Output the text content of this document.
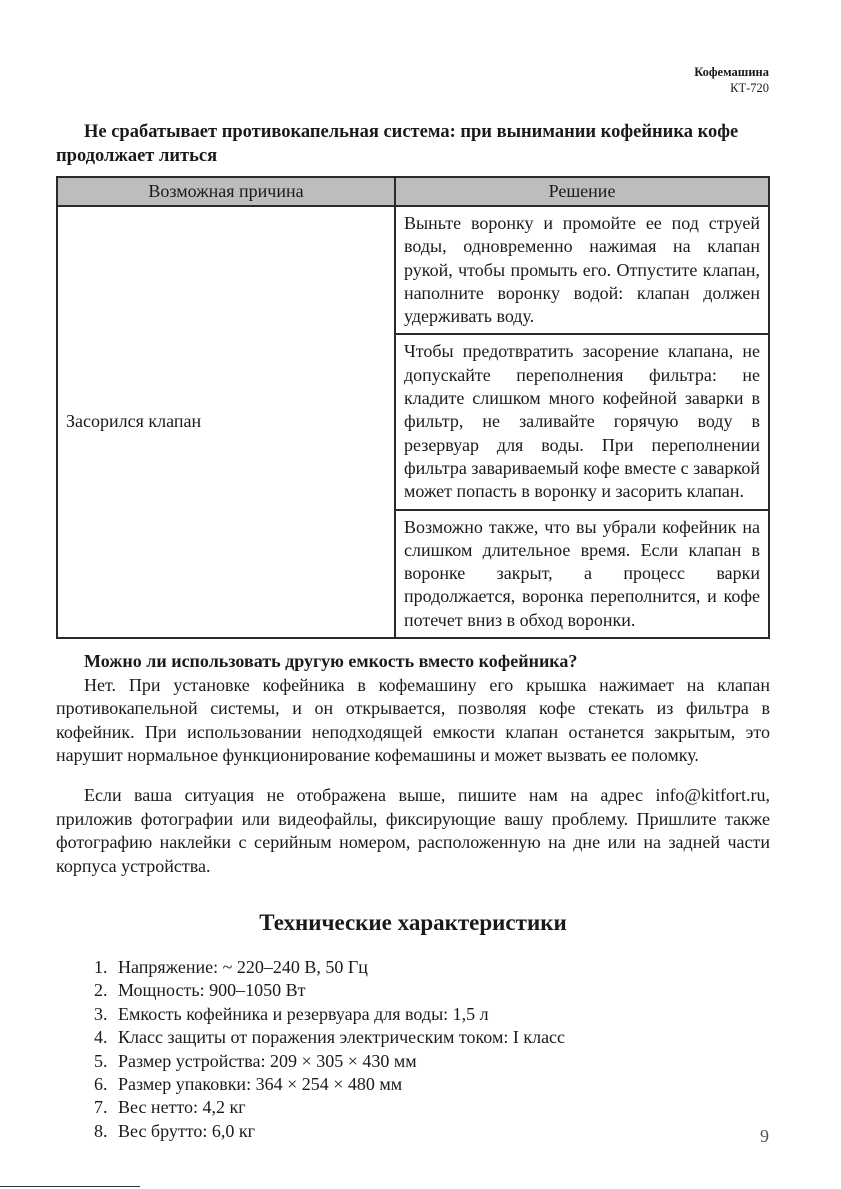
Кофемашина
КТ-720
Не срабатывает противокапельная система: при вынимании кофейника кофе продолжает литься
Возможная причина	Решение
Засорился клапан	Выньте воронку и промойте ее под струей воды, одновременно нажимая на клапан рукой, чтобы промыть его. Отпустите клапан, наполните воронку водой: клапан должен удерживать воду.
	Чтобы предотвратить засорение клапана, не допускайте переполнения фильтра: не кладите слишком много кофейной заварки в фильтр, не заливайте горячую воду в резервуар для воды. При переполнении фильтра завариваемый кофе вместе с заваркой может попасть в воронку и засорить клапан.
	Возможно также, что вы убрали кофейник на слишком длительное время. Если клапан в воронке закрыт, а процесс варки продолжается, воронка переполнится, и кофе потечет вниз в обход воронки.
Можно ли использовать другую емкость вместо кофейника?
Нет. При установке кофейника в кофемашину его крышка нажимает на клапан противокапельной системы, и он открывается, позволяя кофе стекать из фильтра в кофейник. При использовании неподходящей емкости клапан останется закрытым, это нарушит нормальное функционирование кофемашины и может вызвать ее поломку.
Если ваша ситуация не отображена выше, пишите нам на адрес info@kitfort.ru, приложив фотографии или видеофайлы, фиксирующие вашу проблему. Пришлите также фотографию наклейки с серийным номером, расположенную на дне или на задней части корпуса устройства.
Технические характеристики
1. Напряжение: ~ 220–240 В, 50 Гц
2. Мощность: 900–1050 Вт
3. Емкость кофейника и резервуара для воды: 1,5 л
4. Класс защиты от поражения электрическим током: I класс
5. Размер устройства: 209 × 305 × 430 мм
6. Размер упаковки: 364 × 254 × 480 мм
7. Вес нетто: 4,2 кг
8. Вес брутто: 6,0 кг	9
